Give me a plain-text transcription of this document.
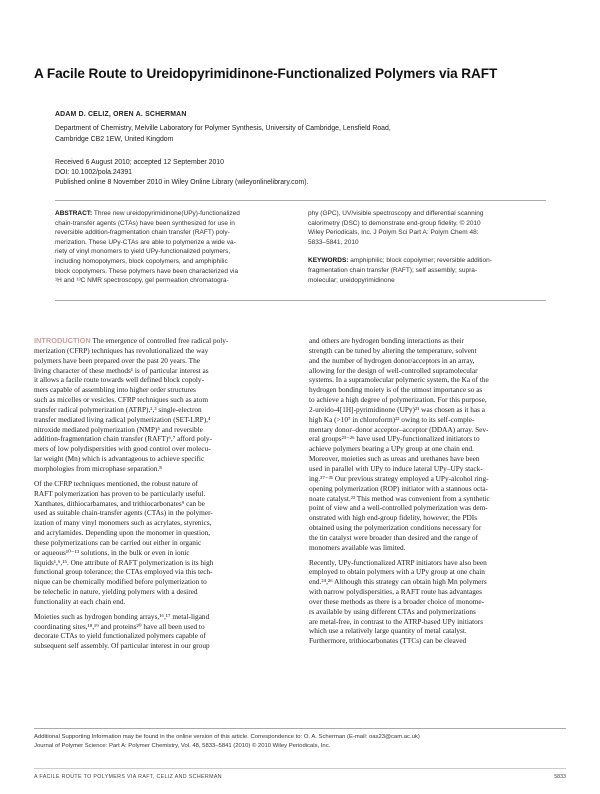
A Facile Route to Ureidopyrimidinone-Functionalized Polymers via RAFT
ADAM D. CELIZ, OREN A. SCHERMAN
Department of Chemistry, Melville Laboratory for Polymer Synthesis, University of Cambridge, Lensfield Road,
Cambridge CB2 1EW, United Kingdom
Received 6 August 2010; accepted 12 September 2010
DOI: 10.1002/pola.24391
Published online 8 November 2010 in Wiley Online Library (wileyonlinelibrary.com).
ABSTRACT: Three new ureidopyrimidinone(UPy)-functionalized
chain-transfer agents (CTAs) have been synthesized for use in
reversible addition-fragmentation chain transfer (RAFT) poly-
merization. These UPy-CTAs are able to polymerize a wide va-
riety of vinyl monomers to yield UPy-functionalized polymers,
including homopolymers, block copolymers, and amphiphilic
block copolymers. These polymers have been characterized via
¹H and ¹³C NMR spectroscopy, gel permeation chromatogra-
phy (GPC), UV/visible spectroscopy and differential scanning
calorimetry (DSC) to demonstrate end-group fidelity. © 2010
Wiley Periodicals, Inc. J Polym Sci Part A: Polym Chem 48:
5833–5841, 2010
KEYWORDS: amphiphilic; block copolymer; reversible addition-
fragmentation chain transfer (RAFT); self assembly; supra-
molecular; ureidopyrimidinone
INTRODUCTION The emergence of controlled free radical poly-
merization (CFRP) techniques has revolutionalized the way
polymers have been prepared over the past 20 years. The
living character of these methods¹ is of particular interest as
it allows a facile route towards well defined block copoly-
mers capable of assembling into higher order structures
such as micelles or vesicles. CFRP techniques such as atom
transfer radical polymerization (ATRP),²,³ single-electron
transfer mediated living radical polymerization (SET-LRP),⁴
nitroxide mediated polymerization (NMP)⁵ and reversible
addition-fragmentation chain transfer (RAFT)⁶,⁷ afford poly-
mers of low polydispersities with good control over molecu-
lar weight (Mn) which is advantageous to achieve specific
morphologies from microphase separation.⁸
Of the CFRP techniques mentioned, the robust nature of
RAFT polymerization has proven to be particularly useful.
Xanthates, dithiocarbamates, and trithiocarbonates⁹ can be
used as suitable chain-transfer agents (CTAs) in the polymer-
ization of many vinyl monomers such as acrylates, styrenics,
and acrylamides. Depending upon the monomer in question,
these polymerizations can be carried out either in organic
or aqueous¹⁰⁻¹³ solutions, in the bulk or even in ionic
liquids¹,⁶,¹⁵. One attribute of RAFT polymerization is its high
functional group tolerance; the CTAs employed via this tech-
nique can be chemically modified before polymerization to
be telechelic in nature, yielding polymers with a desired
functionality at each chain end.
Moieties such as hydrogen bonding arrays,¹⁶,¹⁷ metal-ligand
coordinating sites,¹⁸,¹⁹ and proteins²⁰ have all been used to
decorate CTAs to yield functionalized polymers capable of
subsequent self assembly. Of particular interest in our group
and others are hydrogen bonding interactions as their
strength can be tuned by altering the temperature, solvent
and the number of hydrogen donor/acceptors in an array,
allowing for the design of well-controlled supramolecular
systems. In a supramolecular polymeric system, the Ka of the
hydrogen bonding moiety is of the utmost importance so as
to achieve a high degree of polymerization. For this purpose,
2-ureido-4[1H]-pyrimidinone (UPy)²¹ was chosen as it has a
high Ka (>10⁷ in chloroform)²² owing to its self-comple-
mentary donor–donor acceptor–acceptor (DDAA) array. Sev-
eral groups²³⁻²⁶ have used UPy-functionalized initiators to
achieve polymers bearing a UPy group at one chain end.
Moreover, moieties such as ureas and urethanes have been
used in parallel with UPy to induce lateral UPy–UPy stack-
ing.²⁷⁻³¹ Our previous strategy employed a UPy-alcohol ring-
opening polymerization (ROP) initiator with a stannous octa-
noate catalyst.²³ This method was convenient from a synthetic
point of view and a well-controlled polymerization was dem-
onstrated with high end-group fidelity, however, the PDIs
obtained using the polymerization conditions necessary for
the tin catalyst were broader than desired and the range of
monomers available was limited.
Recently, UPy-functionalized ATRP initiators have also been
employed to obtain polymers with a UPy group at one chain
end.²⁴,²⁶ Although this strategy can obtain high Mn polymers
with narrow polydispersities, a RAFT route has advantages
over these methods as there is a broader choice of monome-
rs available by using different CTAs and polymerizations
are metal-free, in contrast to the ATRP-based UPy initiators
which use a relatively large quantity of metal catalyst.
Furthermore, trithiocarbonates (TTCs) can be cleaved
Additional Supporting Information may be found in the online version of this article. Correspondence to: O. A. Scherman (E-mail: oas23@cam.ac.uk)
Journal of Polymer Science: Part A: Polymer Chemistry, Vol. 48, 5833–5841 (2010) © 2010 Wiley Periodicals, Inc.
A FACILE ROUTE TO POLYMERS VIA RAFT, CELIZ AND SCHERMAN	5833
